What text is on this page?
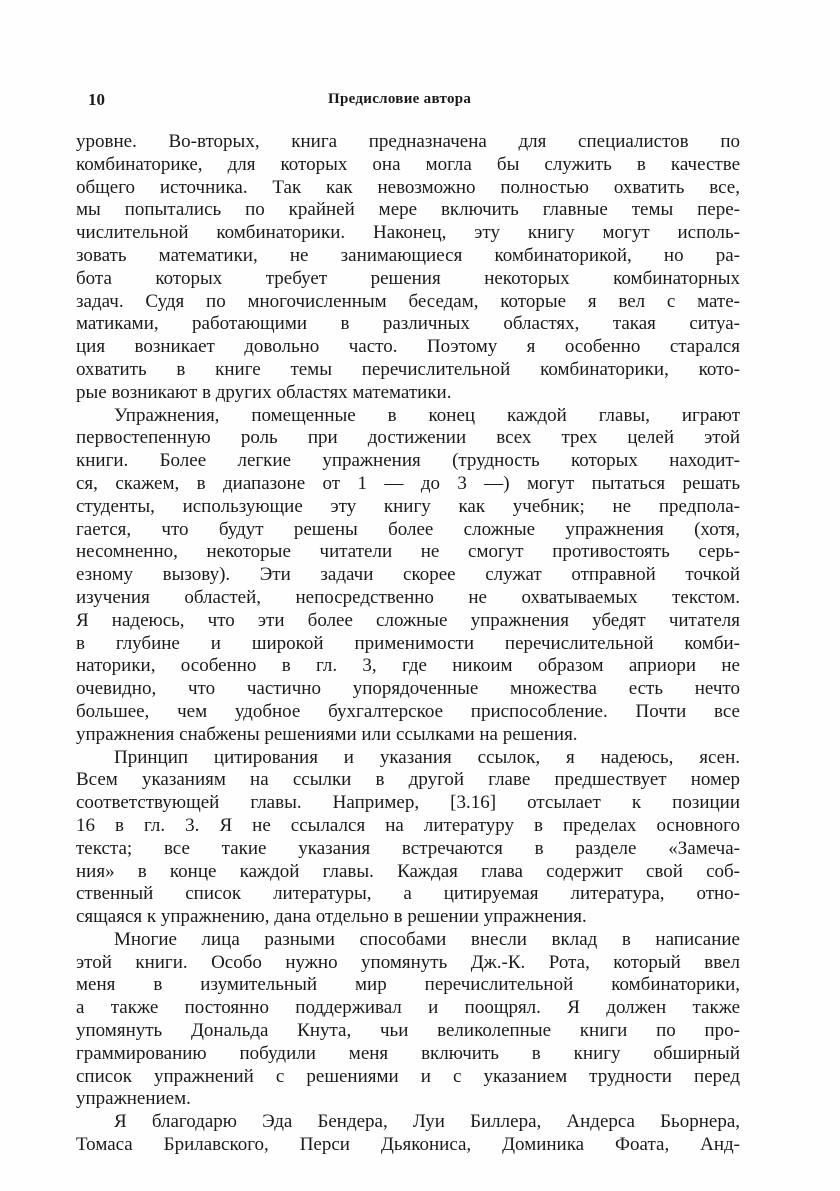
10	Предисловие автора
уровне. Во-вторых, книга предназначена для специалистов по
комбинаторике, для которых она могла бы служить в качестве
общего источника. Так как невозможно полностью охватить все,
мы попытались по крайней мере включить главные темы пере-
числительной комбинаторики. Наконец, эту книгу могут исполь-
зовать математики, не занимающиеся комбинаторикой, но ра-
бота которых требует решения некоторых комбинаторных
задач. Судя по многочисленным беседам, которые я вел с мате-
матиками, работающими в различных областях, такая ситуа-
ция возникает довольно часто. Поэтому я особенно старался
охватить в книге темы перечислительной комбинаторики, кото-
рые возникают в других областях математики.
Упражнения, помещенные в конец каждой главы, играют
первостепенную роль при достижении всех трех целей этой
книги. Более легкие упражнения (трудность которых находит-
ся, скажем, в диапазоне от 1 — до 3 —) могут пытаться решать
студенты, использующие эту книгу как учебник; не предпола-
гается, что будут решены более сложные упражнения (хотя,
несомненно, некоторые читатели не смогут противостоять серь-
езному вызову). Эти задачи скорее служат отправной точкой
изучения областей, непосредственно не охватываемых текстом.
Я надеюсь, что эти более сложные упражнения убедят читателя
в глубине и широкой применимости перечислительной комби-
наторики, особенно в гл. 3, где никоим образом априори не
очевидно, что частично упорядоченные множества есть нечто
большее, чем удобное бухгалтерское приспособление. Почти все
упражнения снабжены решениями или ссылками на решения.
Принцип цитирования и указания ссылок, я надеюсь, ясен.
Всем указаниям на ссылки в другой главе предшествует номер
соответствующей главы. Например, [3.16] отсылает к позиции
16 в гл. 3. Я не ссылался на литературу в пределах основного
текста; все такие указания встречаются в разделе «Замеча-
ния» в конце каждой главы. Каждая глава содержит свой соб-
ственный список литературы, а цитируемая литература, отно-
сящаяся к упражнению, дана отдельно в решении упражнения.
Многие лица разными способами внесли вклад в написание
этой книги. Особо нужно упомянуть Дж.-К. Рота, который ввел
меня в изумительный мир перечислительной комбинаторики,
а также постоянно поддерживал и поощрял. Я должен также
упомянуть Дональда Кнута, чьи великолепные книги по про-
граммированию побудили меня включить в книгу обширный
список упражнений с решениями и с указанием трудности перед
упражнением.
Я благодарю Эда Бендера, Луи Биллера, Андерса Бьорнера,
Томаса Брилавского, Перси Дьякониса, Доминика Фоата, Анд-
